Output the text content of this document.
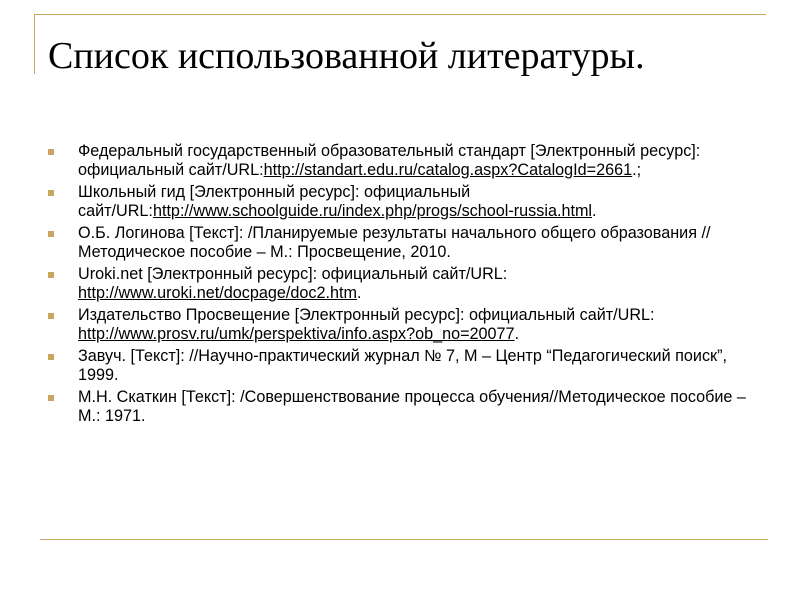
Список использованной литературы.
Федеральный государственный образовательный стандарт [Электронный ресурс]: официальный сайт/URL:http://standart.edu.ru/catalog.aspx?CatalogId=2661.;
Школьный гид [Электронный ресурс]: официальный сайт/URL:http://www.schoolguide.ru/index.php/progs/school-russia.html.
О.Б. Логинова [Текст]: /Планируемые результаты начального общего образования //Методическое пособие – М.: Просвещение, 2010.
Uroki.net [Электронный ресурс]: официальный сайт/URL: http://www.uroki.net/docpage/doc2.htm.
Издательство Просвещение [Электронный ресурс]: официальный сайт/URL: http://www.prosv.ru/umk/perspektiva/info.aspx?ob_no=20077.
Завуч. [Текст]: //Научно-практический журнал № 7, М – Центр “Педагогический поиск”, 1999.
М.Н. Скаткин [Текст]: /Совершенствование процесса обучения//Методическое пособие – М.: 1971.
